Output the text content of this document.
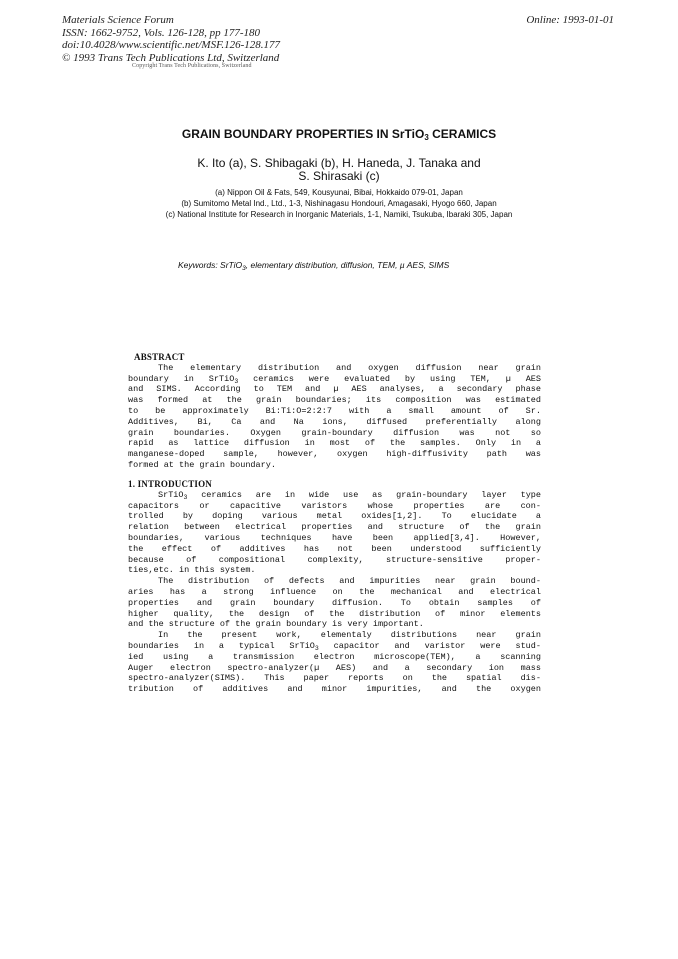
Materials Science Forum
ISSN: 1662-9752, Vols. 126-128, pp 177-180
doi:10.4028/www.scientific.net/MSF.126-128.177
© 1993 Trans Tech Publications Ltd, Switzerland
Online: 1993-01-01
Copyright Trans Tech Publications, Switzerland
GRAIN BOUNDARY PROPERTIES IN SrTiO$_3$ CERAMICS
K. Ito (a), S. Shibagaki (b), H. Haneda, J. Tanaka and
S. Shirasaki (c)
(a) Nippon Oil & Fats, 549, Kousyunai, Bibai, Hokkaido 079-01, Japan
(b) Sumitomo Metal Ind., Ltd., 1-3, Nishinagasu Hondouri, Amagasaki, Hyogo 660, Japan
(c) National Institute for Research in Inorganic Materials, 1-1, Namiki, Tsukuba, Ibaraki 305, Japan
Keywords: SrTiO$_3$, elementary distribution, diffusion, TEM, µ AES, SIMS
ABSTRACT
The elementary distribution and oxygen diffusion near grain
boundary in SrTiO$_3$ ceramics were evaluated by using TEM, µ AES
and SIMS. According to TEM and µ AES analyses, a secondary phase
was formed at the grain boundaries; its composition was estimated
to be approximately Bi:Ti:O=2:2:7 with a small amount of Sr.
Additives, Bi, Ca and Na ions, diffused preferentially along
grain boundaries. Oxygen grain-boundary diffusion was not so
rapid as lattice diffusion in most of the samples. Only in a
manganese-doped sample, however, oxygen high-diffusivity path was
formed at the grain boundary.
1. INTRODUCTION
SrTiO$_3$ ceramics are in wide use as grain-boundary layer type
capacitors or capacitive varistors whose properties are con-
trolled by doping various metal oxides[1,2]. To elucidate a
relation between electrical properties and structure of the grain
boundaries, various techniques have been applied[3,4]. However,
the effect of additives has not been understood sufficiently
because of compositional complexity, structure-sensitive proper-
ties,etc. in this system.
The distribution of defects and impurities near grain bound-
aries has a strong influence on the mechanical and electrical
properties and grain boundary diffusion. To obtain samples of
higher quality, the design of the distribution of minor elements
and the structure of the grain boundary is very important.
In the present work, elementaly distributions near grain
boundaries in a typical SrTiO$_3$ capacitor and varistor were stud-
ied using a transmission electron microscope(TEM), a scanning
Auger electron spectro-analyzer(µ AES) and a secondary ion mass
spectro-analyzer(SIMS). This paper reports on the spatial dis-
tribution of additives and minor impurities, and the oxygen
